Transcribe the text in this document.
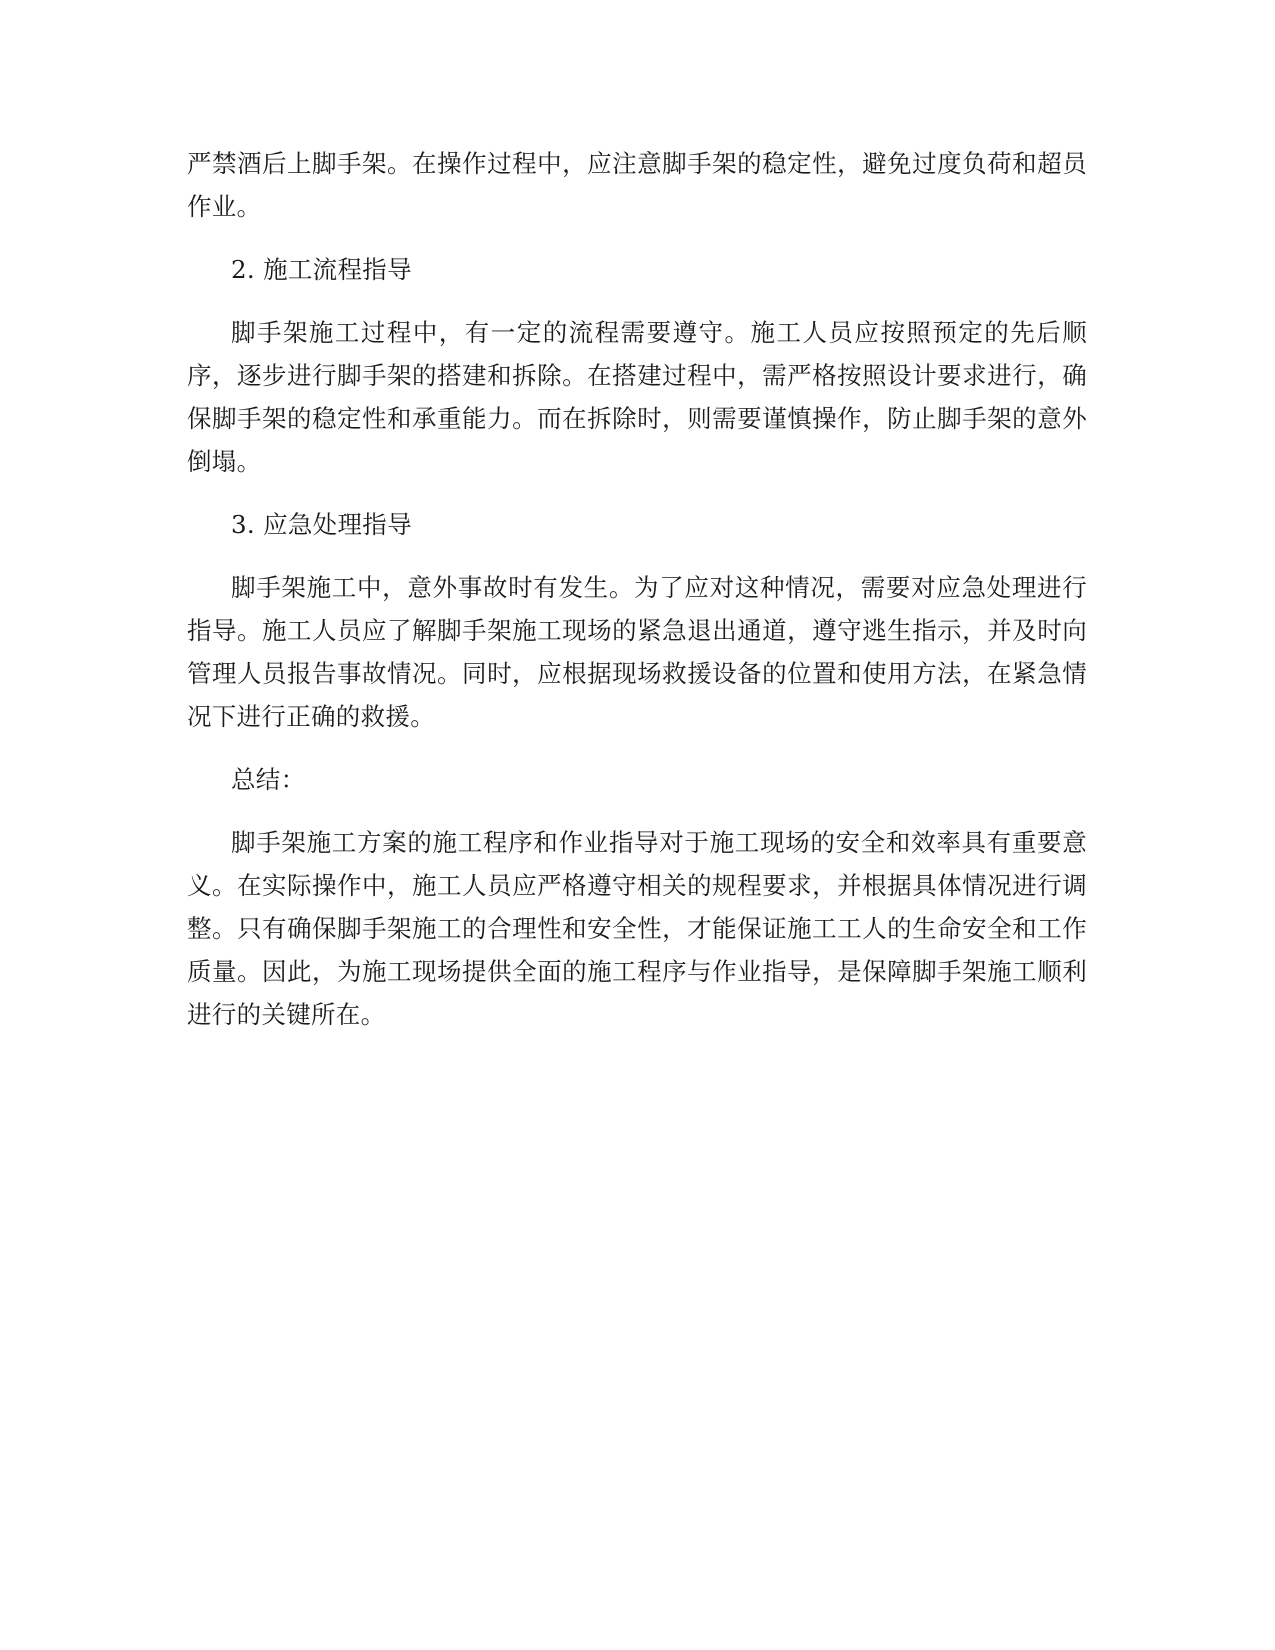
严禁酒后上脚手架。在操作过程中，应注意脚手架的稳定性，避免过度负荷和超员作业。

2. 施工流程指导

脚手架施工过程中，有一定的流程需要遵守。施工人员应按照预定的先后顺序，逐步进行脚手架的搭建和拆除。在搭建过程中，需严格按照设计要求进行，确保脚手架的稳定性和承重能力。而在拆除时，则需要谨慎操作，防止脚手架的意外倒塌。

3. 应急处理指导

脚手架施工中，意外事故时有发生。为了应对这种情况，需要对应急处理进行指导。施工人员应了解脚手架施工现场的紧急退出通道，遵守逃生指示，并及时向管理人员报告事故情况。同时，应根据现场救援设备的位置和使用方法，在紧急情况下进行正确的救援。

总结：

脚手架施工方案的施工程序和作业指导对于施工现场的安全和效率具有重要意义。在实际操作中，施工人员应严格遵守相关的规程要求，并根据具体情况进行调整。只有确保脚手架施工的合理性和安全性，才能保证施工工人的生命安全和工作质量。因此，为施工现场提供全面的施工程序与作业指导，是保障脚手架施工顺利进行的关键所在。
